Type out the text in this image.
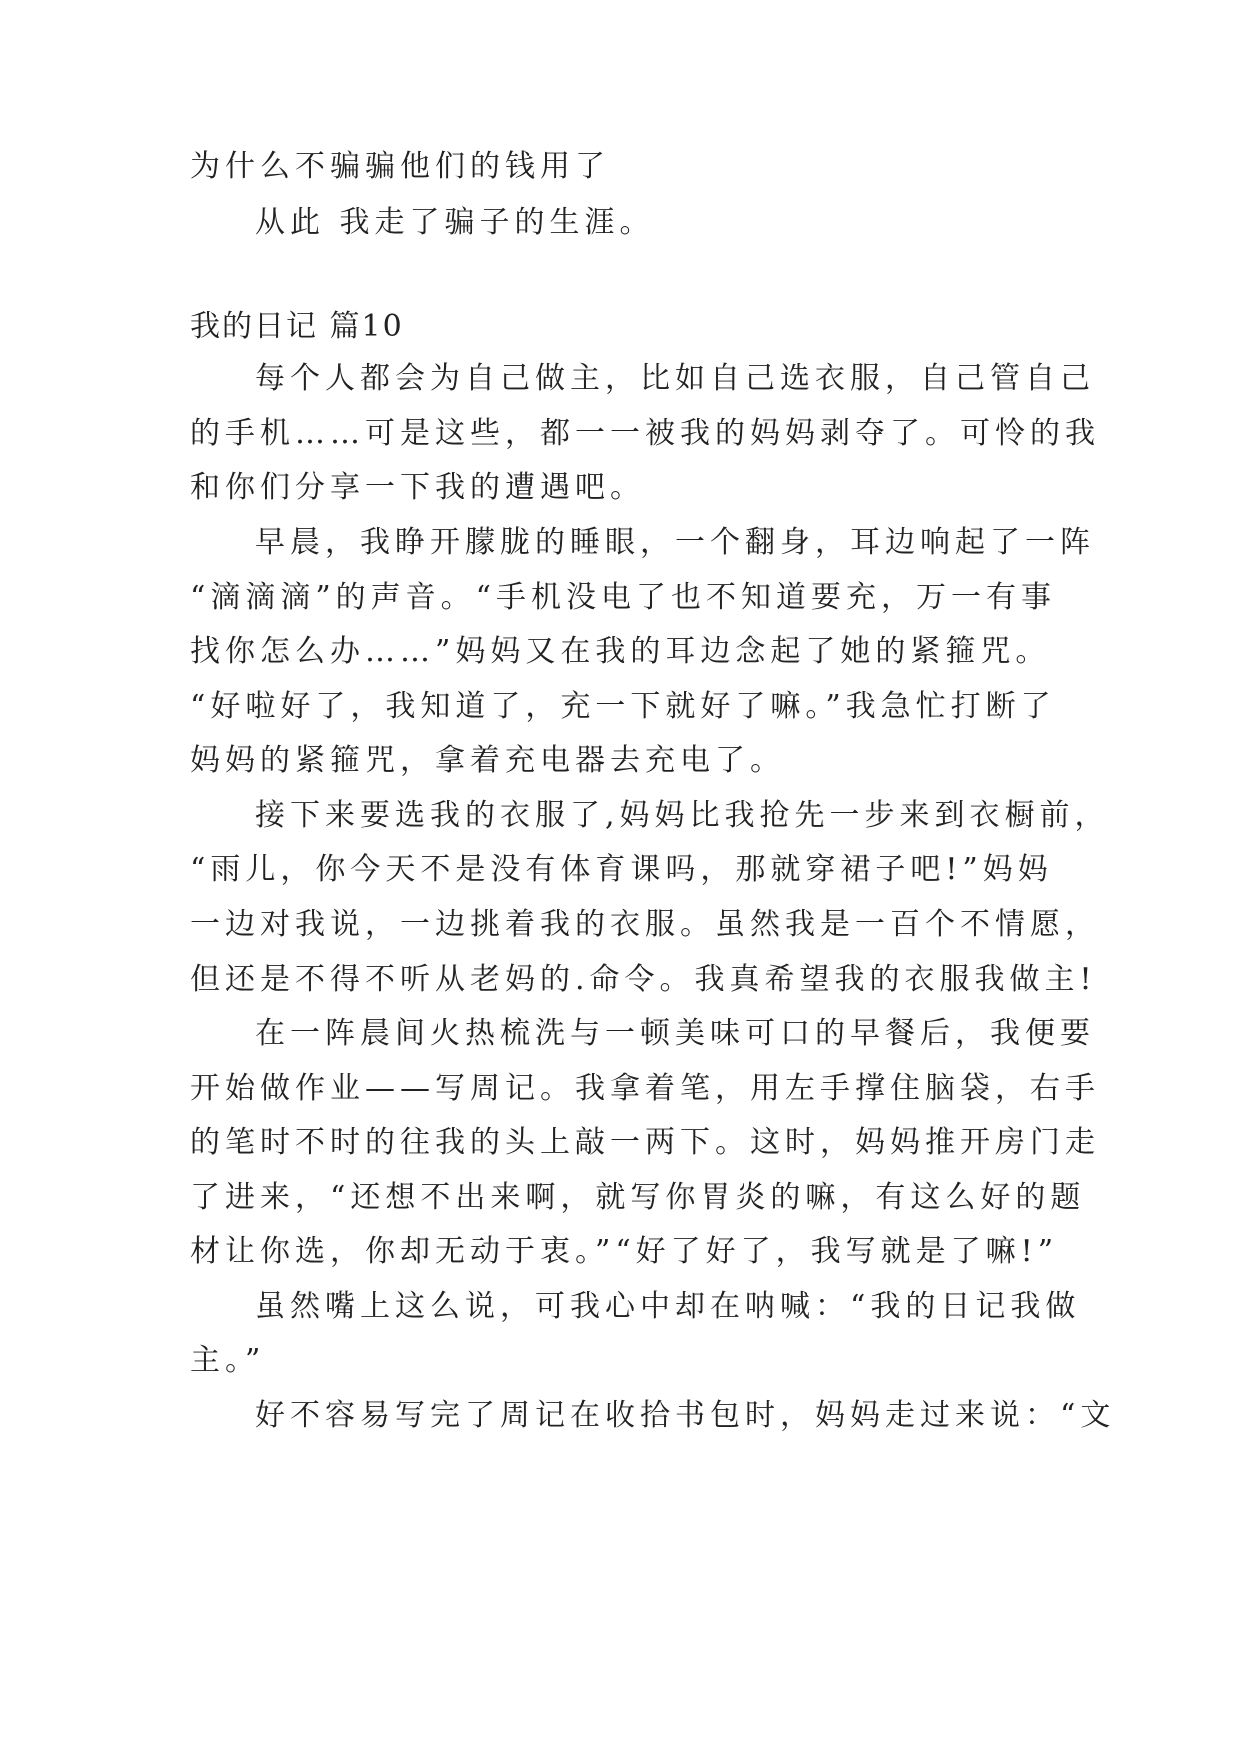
为什么不骗骗他们的钱用了
从此 我走了骗子的生涯。
我的日记 篇10
每个人都会为自己做主，比如自己选衣服，自己管自己
的手机……可是这些，都一一被我的妈妈剥夺了。可怜的我
和你们分享一下我的遭遇吧。
早晨，我睁开朦胧的睡眼，一个翻身，耳边响起了一阵
“滴滴滴”的声音。“手机没电了也不知道要充，万一有事
找你怎么办……”妈妈又在我的耳边念起了她的紧箍咒。
“好啦好了，我知道了，充一下就好了嘛。”我急忙打断了
妈妈的紧箍咒，拿着充电器去充电了。
接下来要选我的衣服了,妈妈比我抢先一步来到衣橱前，
“雨儿，你今天不是没有体育课吗，那就穿裙子吧!”妈妈
一边对我说，一边挑着我的衣服。虽然我是一百个不情愿，
但还是不得不听从老妈的.命令。我真希望我的衣服我做主!
在一阵晨间火热梳洗与一顿美味可口的早餐后，我便要
开始做作业——写周记。我拿着笔，用左手撑住脑袋，右手
的笔时不时的往我的头上敲一两下。这时，妈妈推开房门走
了进来，“还想不出来啊，就写你胃炎的嘛，有这么好的题
材让你选，你却无动于衷。”“好了好了，我写就是了嘛!”
虽然嘴上这么说，可我心中却在呐喊：“我的日记我做
主。”
好不容易写完了周记在收拾书包时，妈妈走过来说：“文
